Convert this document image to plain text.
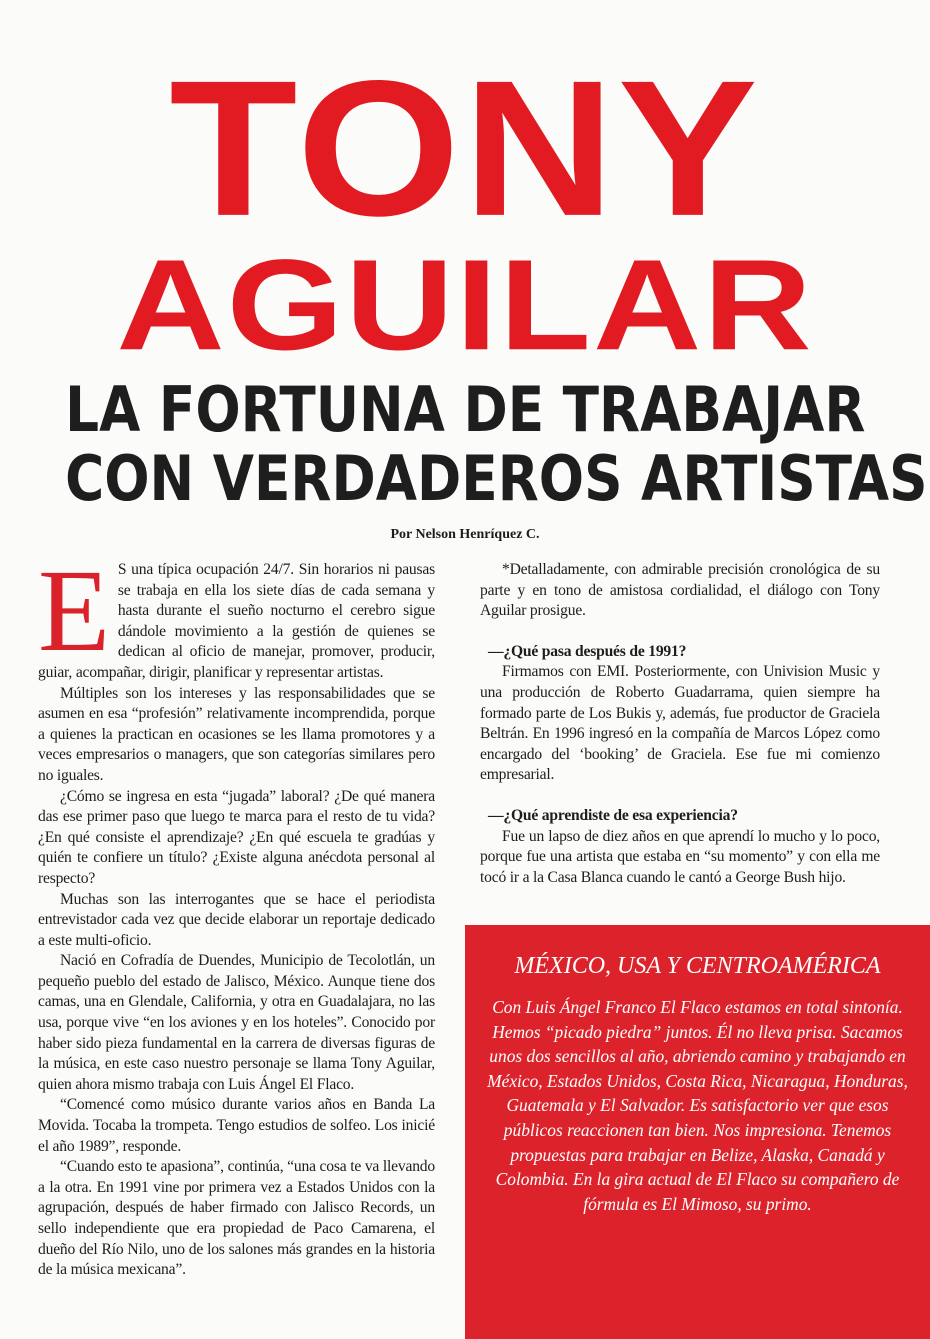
TONY
AGUILAR
LA FORTUNA DE TRABAJAR
CON VERDADEROS ARTISTAS
Por Nelson Henríquez C.
E S una típica ocupación 24/7. Sin horarios ni pausas se trabaja en ella los siete días de cada semana y hasta durante el sueño nocturno el cerebro sigue dándole movimiento a la gestión de quienes se dedican al oficio de manejar, promover, producir, guiar, acompañar, dirigir, planificar y representar artistas.

Múltiples son los intereses y las responsabilidades que se asumen en esa “profesión” relativamente incomprendida, porque a quienes la practican en ocasiones se les llama promotores y a veces empresarios o managers, que son categorías similares pero no iguales.

¿Cómo se ingresa en esta “jugada” laboral? ¿De qué manera das ese primer paso que luego te marca para el resto de tu vida? ¿En qué consiste el aprendizaje? ¿En qué escuela te gradúas y quién te confiere un título? ¿Existe alguna anécdota personal al respecto?

Muchas son las interrogantes que se hace el periodista entrevistador cada vez que decide elaborar un reportaje dedicado a este multi-oficio.

Nació en Cofradía de Duendes, Municipio de Tecolotlán, un pequeño pueblo del estado de Jalisco, México. Aunque tiene dos camas, una en Glendale, California, y otra en Guadalajara, no las usa, porque vive “en los aviones y en los hoteles”. Conocido por haber sido pieza fundamental en la carrera de diversas figuras de la música, en este caso nuestro personaje se llama Tony Aguilar, quien ahora mismo trabaja con Luis Ángel El Flaco.

“Comencé como músico durante varios años en Banda La Movida. Tocaba la trompeta. Tengo estudios de solfeo. Los inicié el año 1989”, responde.

“Cuando esto te apasiona”, continúa, “una cosa te va llevando a la otra. En 1991 vine por primera vez a Estados Unidos con la agrupación, después de haber firmado con Jalisco Records, un sello independiente que era propiedad de Paco Camarena, el dueño del Río Nilo, uno de los salones más grandes en la historia de la música mexicana”.

*Detalladamente, con admirable precisión cronológica de su parte y en tono de amistosa cordialidad, el diálogo con Tony Aguilar prosigue.

—¿Qué pasa después de 1991?

Firmamos con EMI. Posteriormente, con Univision Music y una producción de Roberto Guadarrama, quien siempre ha formado parte de Los Bukis y, además, fue productor de Graciela Beltrán. En 1996 ingresó en la compañía de Marcos López como encargado del ‘booking’ de Graciela. Ese fue mi comienzo empresarial.

—¿Qué aprendiste de esa experiencia?

Fue un lapso de diez años en que aprendí lo mucho y lo poco, porque fue una artista que estaba en “su momento” y con ella me tocó ir a la Casa Blanca cuando le cantó a George Bush hijo.

MÉXICO, USA Y CENTROAMÉRICA
Con Luis Ángel Franco El Flaco estamos en total sintonía. Hemos “picado piedra” juntos. Él no lleva prisa. Sacamos unos dos sencillos al año, abriendo camino y trabajando en México, Estados Unidos, Costa Rica, Nicaragua, Honduras, Guatemala y El Salvador. Es satisfactorio ver que esos públicos reaccionen tan bien. Nos impresiona. Tenemos propuestas para trabajar en Belize, Alaska, Canadá y Colombia. En la gira actual de El Flaco su compañero de fórmula es El Mimoso, su primo.
